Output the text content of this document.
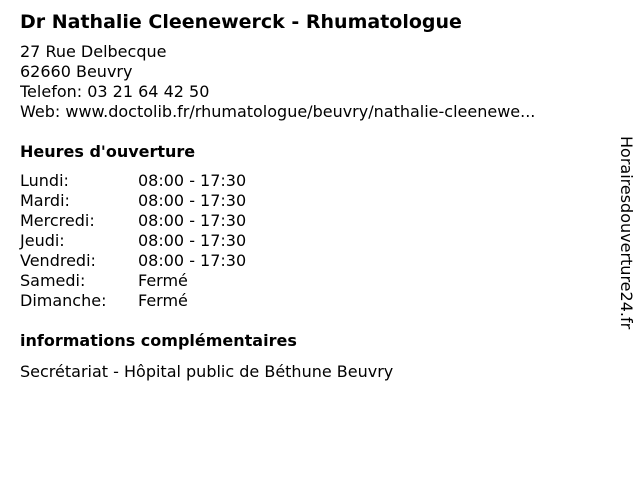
Dr Nathalie Cleenewerck - Rhumatologue
27 Rue Delbecque
62660 Beuvry
Telefon: 03 21 64 42 50
Web: www.doctolib.fr/rhumatologue/beuvry/nathalie-cleenewe...
Heures d'ouverture
Lundi:	08:00 - 17:30
Mardi:	08:00 - 17:30
Mercredi:	08:00 - 17:30
Jeudi:	08:00 - 17:30
Vendredi:	08:00 - 17:30
Samedi:	Fermé
Dimanche:	Fermé
informations complémentaires
Secrétariat - Hôpital public de Béthune Beuvry
Horairesdouverture24.fr
